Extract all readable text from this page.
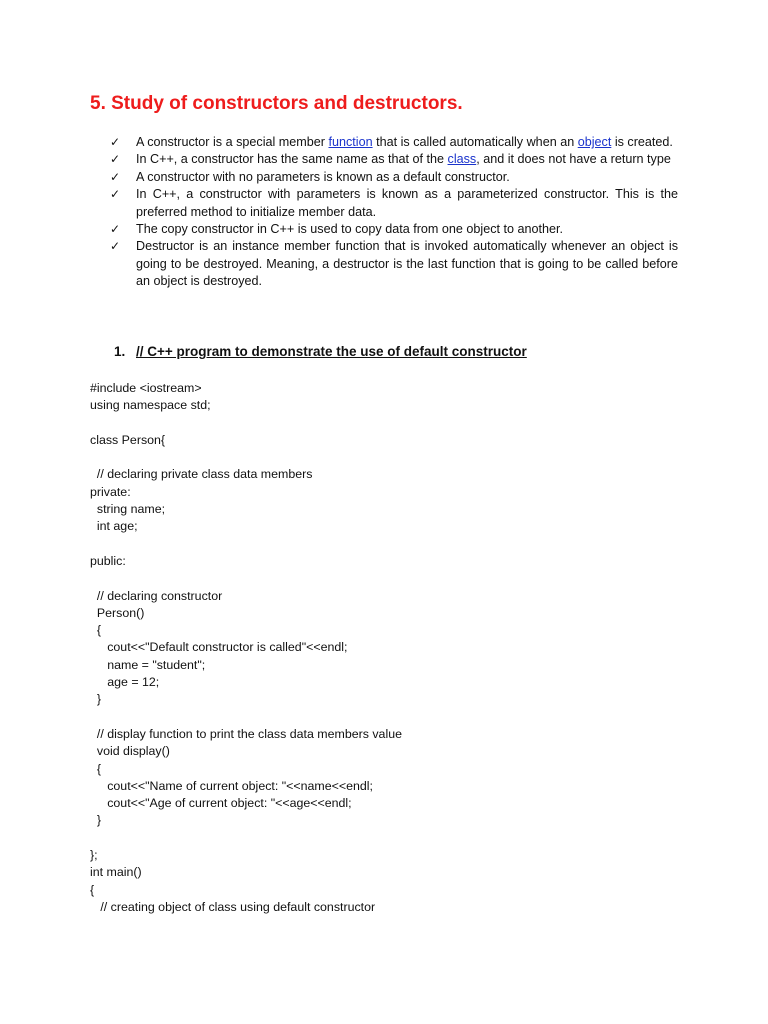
5. Study of constructors and destructors.
✓ A constructor is a special member function that is called automatically when an object is created.
✓ In C++, a constructor has the same name as that of the class, and it does not have a return type
✓ A constructor with no parameters is known as a default constructor.
✓ In C++, a constructor with parameters is known as a parameterized constructor. This is the preferred method to initialize member data.
✓ The copy constructor in C++ is used to copy data from one object to another.
✓ Destructor is an instance member function that is invoked automatically whenever an object is going to be destroyed. Meaning, a destructor is the last function that is going to be called before an object is destroyed.
1. // C++ program to demonstrate the use of default constructor
#include <iostream>
using namespace std;
class Person{
// declaring private class data members
private:
string name;
int age;
public:
// declaring constructor
Person()
{
cout<<"Default constructor is called"<<endl;
name = "student";
age = 12;
}
// display function to print the class data members value
void display()
{
cout<<"Name of current object: "<<name<<endl;
cout<<"Age of current object: "<<age<<endl;
}
};
int main()
{
// creating object of class using default constructor
